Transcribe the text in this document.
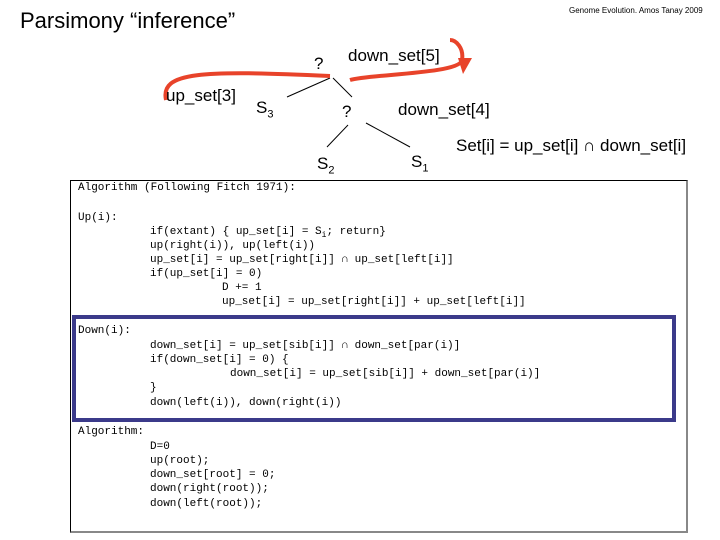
Parsimony “inference”	Genome Evolution. Amos Tanay 2009
? down_set[5]
up_set[3]
$S_3$	?	down_set[4]
$S_2$	$S_1$
Set[i] = up_set[i] ∩ down_set[i]
Algorithm (Following Fitch 1971):
Up(i):
if(extant) { up_set[i] = $S_i$; return}
up(right(i)), up(left(i))
up_set[i] = up_set[right[i]] ∩ up_set[left[i]]
if(up_set[i] = 0)
D += 1
up_set[i] = up_set[right[i]] + up_set[left[i]]
Down(i):
down_set[i] = up_set[sib[i]] ∩ down_set[par(i)]
if(down_set[i] = 0) {
down_set[i] = up_set[sib[i]] + down_set[par(i)]
}
down(left(i)), down(right(i))
Algorithm:
D=0
up(root);
down_set[root] = 0;
down(right(root));
down(left(root));
